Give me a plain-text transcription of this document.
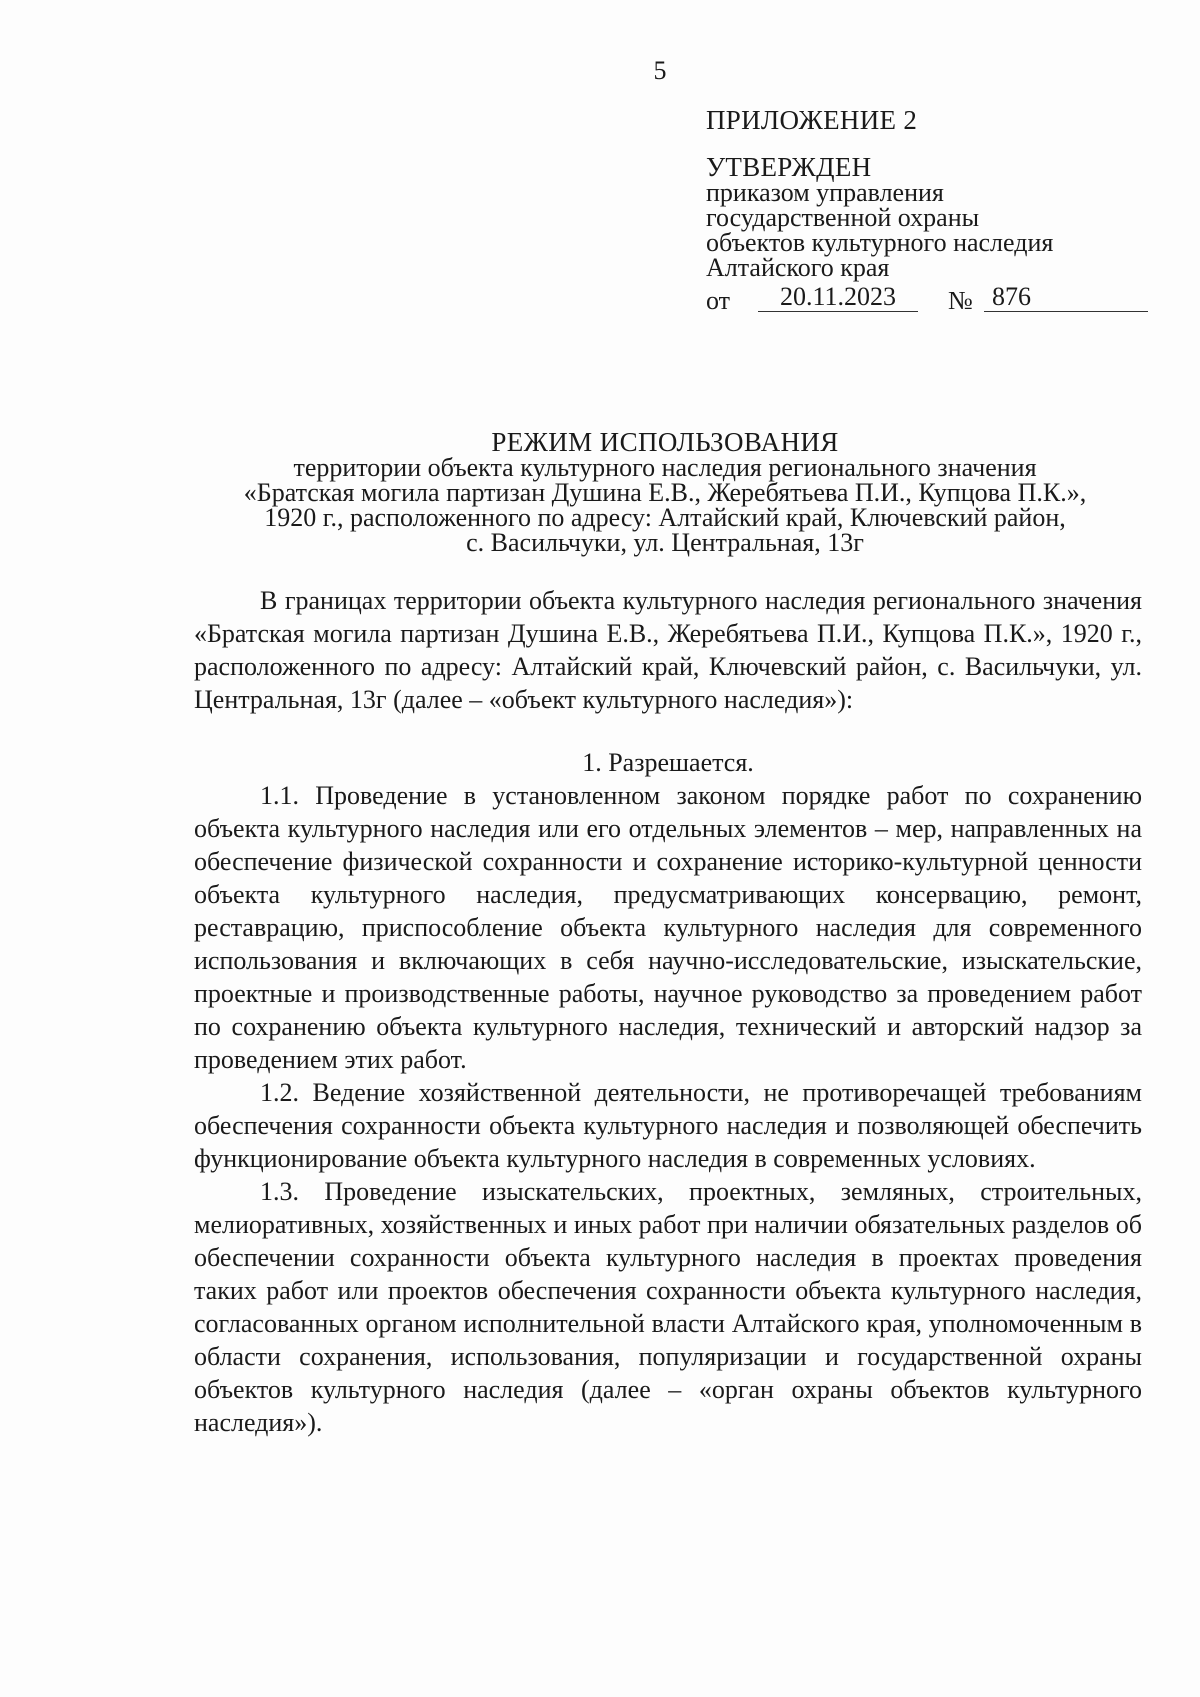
5
ПРИЛОЖЕНИЕ 2
УТВЕРЖДЕН
приказом управления
государственной охраны
объектов культурного наследия
Алтайского края
от	20.11.2023	№ 876
РЕЖИМ ИСПОЛЬЗОВАНИЯ
территории объекта культурного наследия регионального значения
«Братская могила партизан Душина Е.В., Жеребятьева П.И., Купцова П.К.»,
1920 г., расположенного по адресу: Алтайский край, Ключевский район,
с. Васильчуки, ул. Центральная, 13г

В границах территории объекта культурного наследия регионального значения «Братская могила партизан Душина Е.В., Жеребятьева П.И., Купцова П.К.», 1920 г., расположенного по адресу: Алтайский край, Ключевский район, с. Васильчуки, ул. Центральная, 13г (далее – «объект культурного наследия»):

1. Разрешается.

1.1. Проведение в установленном законом порядке работ по сохранению объекта культурного наследия или его отдельных элементов – мер, направленных на обеспечение физической сохранности и сохранение историко-культурной ценности объекта культурного наследия, предусматривающих консервацию, ремонт, реставрацию, приспособление объекта культурного наследия для современного использования и включающих в себя научно-исследовательские, изыскательские, проектные и производственные работы, научное руководство за проведением работ по сохранению объекта культурного наследия, технический и авторский надзор за проведением этих работ.

1.2. Ведение хозяйственной деятельности, не противоречащей требованиям обеспечения сохранности объекта культурного наследия и позволяющей обеспечить функционирование объекта культурного наследия в современных условиях.

1.3. Проведение изыскательских, проектных, земляных, строительных, мелиоративных, хозяйственных и иных работ при наличии обязательных разделов об обеспечении сохранности объекта культурного наследия в проектах проведения таких работ или проектов обеспечения сохранности объекта культурного наследия, согласованных органом исполнительной власти Алтайского края, уполномоченным в области сохранения, использования, популяризации и государственной охраны объектов культурного наследия (далее – «орган охраны объектов культурного наследия»).
